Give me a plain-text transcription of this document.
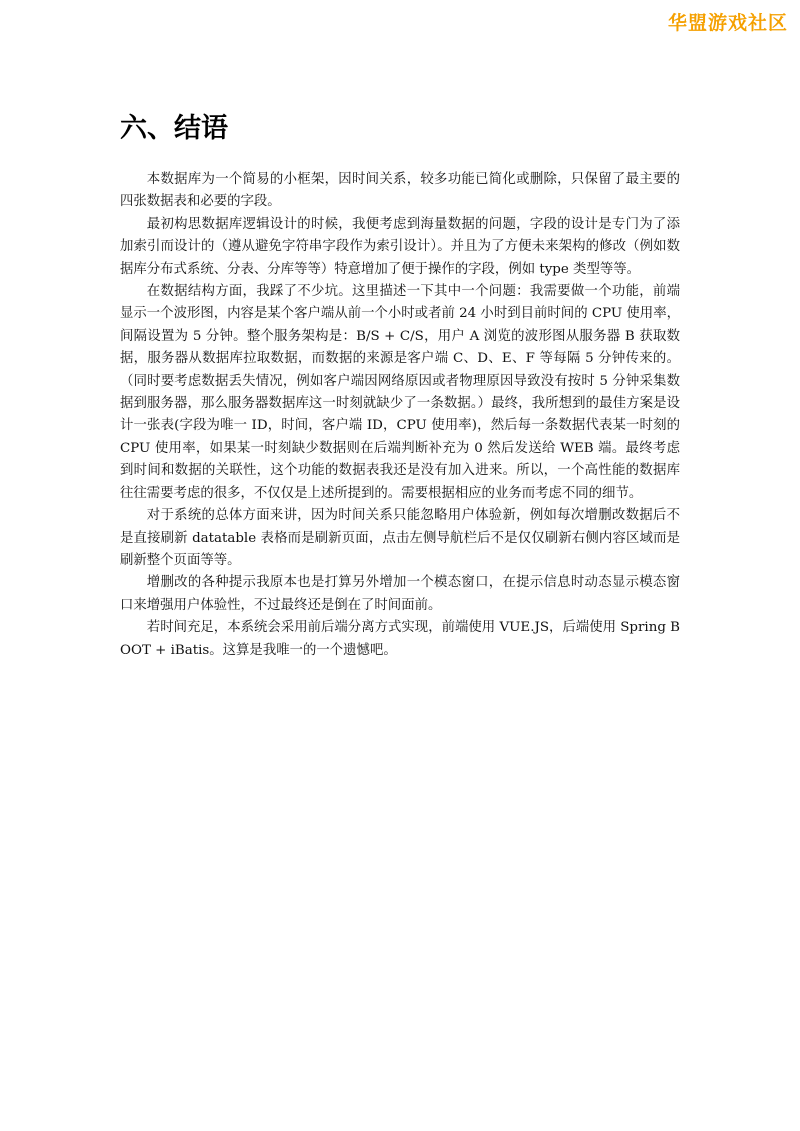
华盟游戏社区
六、结语

本数据库为一个简易的小框架，因时间关系，较多功能已简化或删除，只保留了最主要的四张数据表和必要的字段。

最初构思数据库逻辑设计的时候，我便考虑到海量数据的问题，字段的设计是专门为了添加索引而设计的（遵从避免字符串字段作为索引设计）。并且为了方便未来架构的修改（例如数据库分布式系统、分表、分库等等）特意增加了便于操作的字段，例如 type 类型等等。

在数据结构方面，我踩了不少坑。这里描述一下其中一个问题：我需要做一个功能，前端显示一个波形图，内容是某个客户端从前一个小时或者前 24 小时到目前时间的 CPU 使用率，间隔设置为 5 分钟。整个服务架构是：B/S + C/S，用户 A 浏览的波形图从服务器 B 获取数据，服务器从数据库拉取数据，而数据的来源是客户端 C、D、E、F 等每隔 5 分钟传来的。（同时要考虑数据丢失情况，例如客户端因网络原因或者物理原因导致没有按时 5 分钟采集数据到服务器，那么服务器数据库这一时刻就缺少了一条数据。）最终，我所想到的最佳方案是设计一张表(字段为唯一 ID，时间，客户端 ID，CPU 使用率)，然后每一条数据代表某一时刻的 CPU 使用率，如果某一时刻缺少数据则在后端判断补充为 0 然后发送给 WEB 端。最终考虑到时间和数据的关联性，这个功能的数据表我还是没有加入进来。所以，一个高性能的数据库往往需要考虑的很多，不仅仅是上述所提到的。需要根据相应的业务而考虑不同的细节。

对于系统的总体方面来讲，因为时间关系只能忽略用户体验新，例如每次增删改数据后不是直接刷新 datatable 表格而是刷新页面，点击左侧导航栏后不是仅仅刷新右侧内容区域而是刷新整个页面等等。

增删改的各种提示我原本也是打算另外增加一个模态窗口，在提示信息时动态显示模态窗口来增强用户体验性，不过最终还是倒在了时间面前。

若时间充足，本系统会采用前后端分离方式实现，前端使用 VUE.JS，后端使用 Spring BOOT + iBatis。这算是我唯一的一个遗憾吧。
